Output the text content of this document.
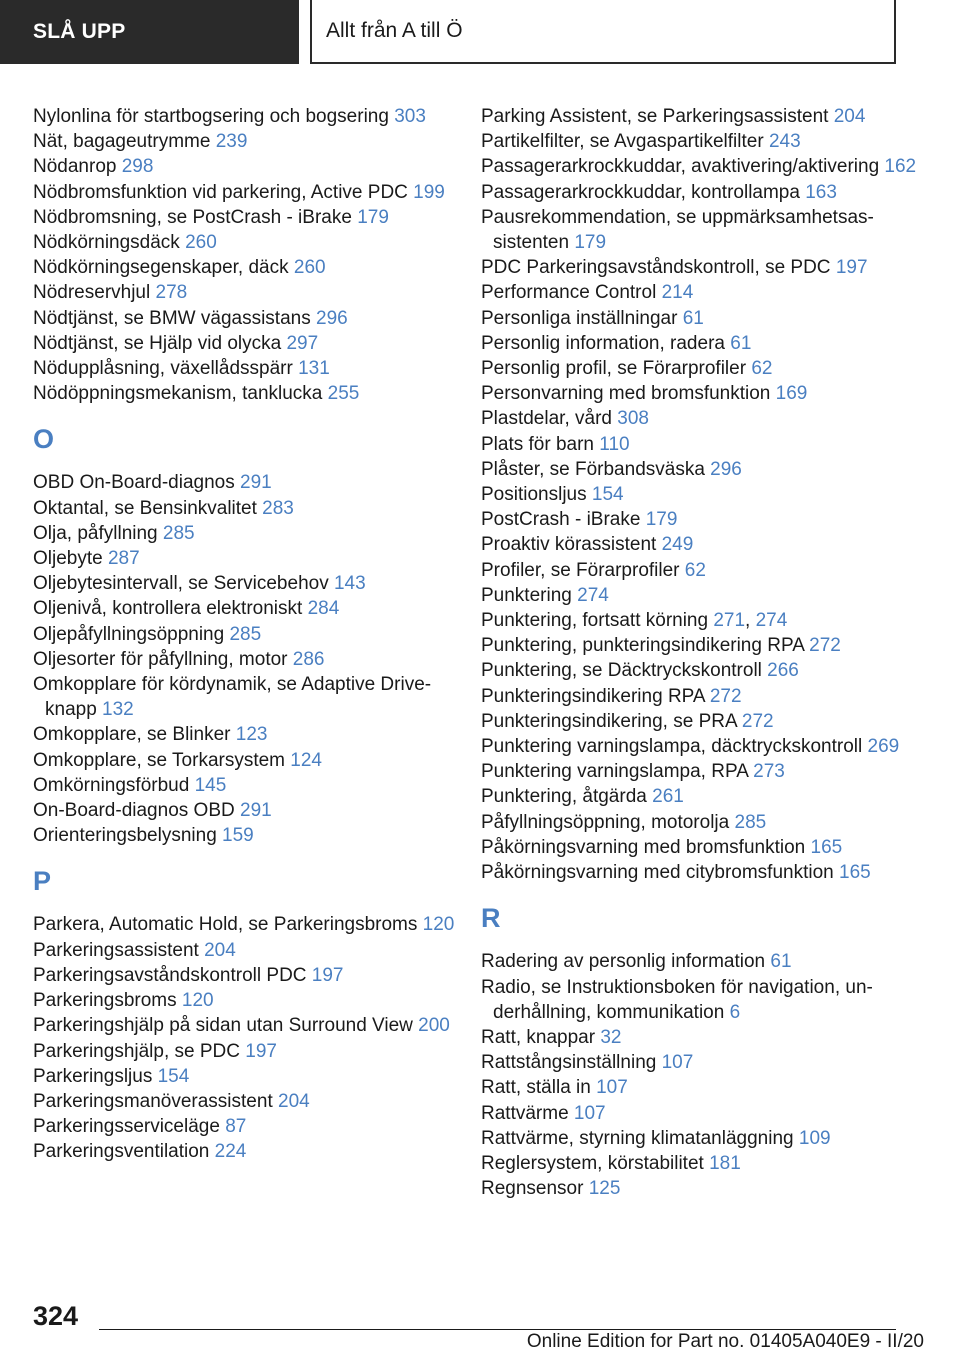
SLÅ UPP	Allt från A till Ö
Nylonlina för startbogsering och bogsering 303
Nät, bagageutrymme 239
Nödanrop 298
Nödbromsfunktion vid parkering, Active PDC 199
Nödbromsning, se PostCrash - iBrake 179
Nödkörningsdäck 260
Nödkörningsegenskaper, däck 260
Nödreservhjul 278
Nödtjänst, se BMW vägassistans 296
Nödtjänst, se Hjälp vid olycka 297
Nödupplåsning, växellådsspärr 131
Nödöppningsmekanism, tanklucka 255
O
OBD On-Board-diagnos 291
Oktantal, se Bensinkvalitet 283
Olja, påfyllning 285
Oljebyte 287
Oljebytesintervall, se Servicebehov 143
Oljenivå, kontrollera elektroniskt 284
Oljepåfyllningsöppning 285
Oljesorter för påfyllning, motor 286
Omkopplare för kördynamik, se Adaptive Drive-knapp 132
Omkopplare, se Blinker 123
Omkopplare, se Torkarsystem 124
Omkörningsförbud 145
On-Board-diagnos OBD 291
Orienteringsbelysning 159
P
Parkera, Automatic Hold, se Parkeringsbroms 120
Parkeringsassistent 204
Parkeringsavståndskontroll PDC 197
Parkeringsbroms 120
Parkeringshjälp på sidan utan Surround View 200
Parkeringshjälp, se PDC 197
Parkeringsljus 154
Parkeringsmanöverassistent 204
Parkeringsserviceläge 87
Parkeringsventilation 224
Parking Assistent, se Parkeringsassistent 204
Partikelfilter, se Avgaspartikelfilter 243
Passagerarkrockkuddar, avaktivering/aktivering 162
Passagerarkrockkuddar, kontrollampa 163
Pausrekommendation, se uppmärksamhetsassistenten 179
PDC Parkeringsavståndskontroll, se PDC 197
Performance Control 214
Personliga inställningar 61
Personlig information, radera 61
Personlig profil, se Förarprofiler 62
Personvarning med bromsfunktion 169
Plastdelar, vård 308
Plats för barn 110
Plåster, se Förbandsväska 296
Positionsljus 154
PostCrash - iBrake 179
Proaktiv körassistent 249
Profiler, se Förarprofiler 62
Punktering 274
Punktering, fortsatt körning 271, 274
Punktering, punkteringsindikering RPA 272
Punktering, se Däcktryckskontroll 266
Punkteringsindikering RPA 272
Punkteringsindikering, se PRA 272
Punktering varningslampa, däcktryckskontroll 269
Punktering varningslampa, RPA 273
Punktering, åtgärda 261
Påfyllningsöppning, motorolja 285
Påkörningsvarning med bromsfunktion 165
Påkörningsvarning med citybromsfunktion 165
R
Radering av personlig information 61
Radio, se Instruktionsboken för navigation, underhållning, kommunikation 6
Ratt, knappar 32
Rattstångsinställning 107
Ratt, ställa in 107
Rattvärme 107
Rattvärme, styrning klimatanläggning 109
Reglersystem, körstabilitet 181
Regnsensor 125
324
Online Edition for Part no. 01405A040E9 - II/20
